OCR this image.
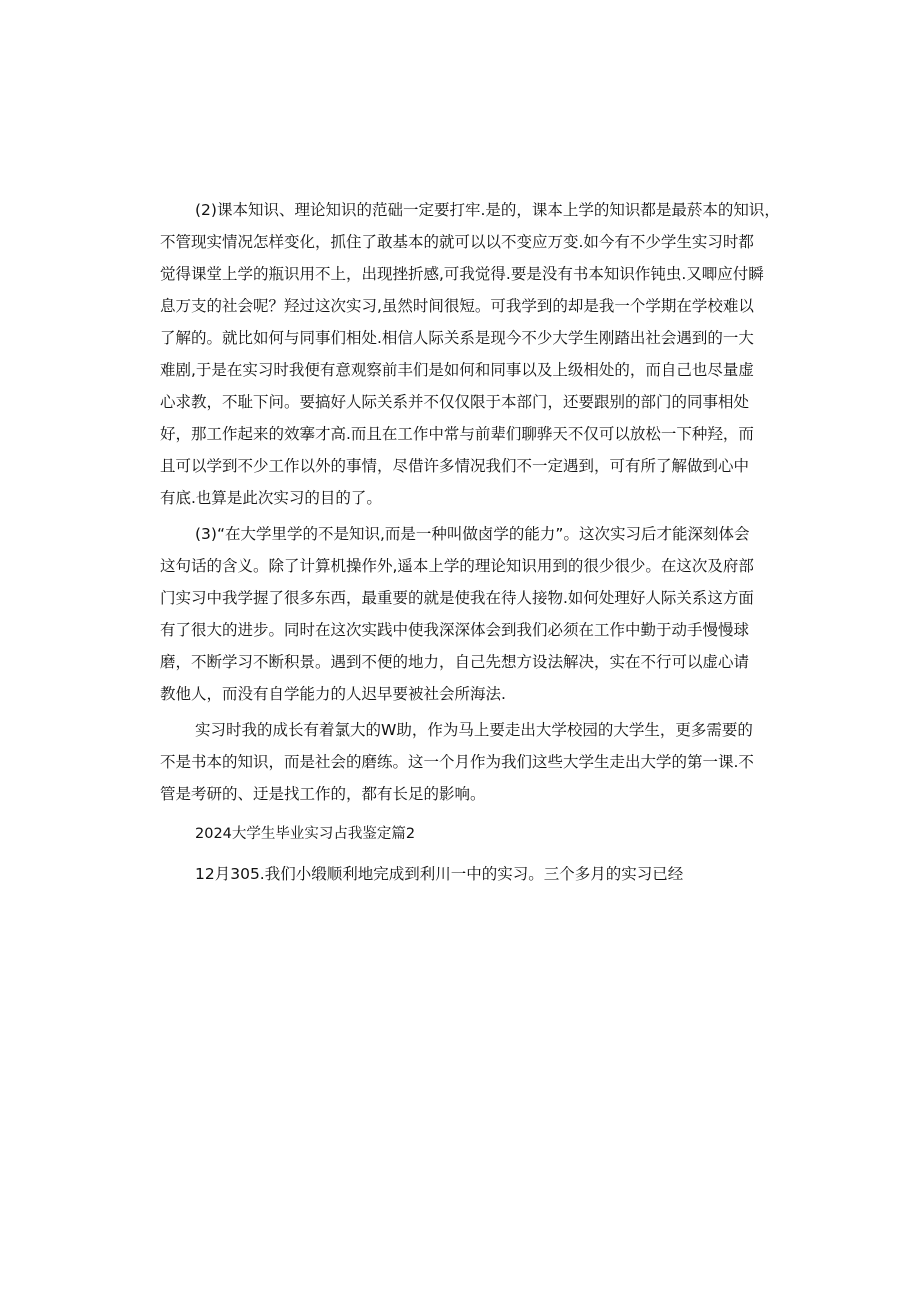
(2)课本知识、理论知识的范础一定要打牢.是的，课本上学的知识都是最菸本的知识，
不管现实情况怎样变化，抓住了敢基本的就可以以不变应万变.如今有不少学生实习时都
觉得课堂上学的瓶识用不上，出现挫折感,可我觉得.要是没有书本知识作钝虫.又唧应付瞬
息万支的社会呢？羟过这次实习,虽然时间很短。可我学到的却是我一个学期在学校难以
了解的。就比如何与同事们相处.相信人际关系是现今不少大学生刚踏出社会遇到的一大
难剧,于是在实习时我便有意观察前丰们是如何和同事以及上级相处的，而自己也尽量虚
心求教，不耻下问。要搞好人际关系并不仅仅限于本部门，还要跟别的部门的同事相处
好，那工作起来的效搴才高.而且在工作中常与前辈们聊骅天不仅可以放松一下种羟，而
且可以学到不少工作以外的事情，尽借许多情况我们不一定遇到，可有所了解做到心中
有底.也算是此次实习的目的了。
(3)“在大学里学的不是知识,而是一种叫做卤学的能力”。这次实习后才能深刻体会
这句话的含义。除了计算机操作外,遥本上学的理论知识用到的很少很少。在这次及府部
门实习中我学握了很多东西，最重要的就是使我在待人接物.如何处理好人际关系这方面
有了很大的进步。同时在这次实践中使我深深体会到我们必须在工作中勤于动手慢慢球
磨，不断学习不断积景。遇到不便的地力，自己先想方设法解决，实在不行可以虚心请
教他人，而没有自学能力的人迟早要被社会所海法.
实习时我的成长有着氯大的W助，作为马上要走出大学校园的大学生，更多需要的
不是书本的知识，而是社会的磨练。这一个月作为我们这些大学生走出大学的第一课.不
管是考研的、迂是找工作的，都有长足的影响。
2024大学生毕业实习占我鉴定篇2
12月305.我们小缎顺利地完成到利川一中的实习。三个多月的实习已经
